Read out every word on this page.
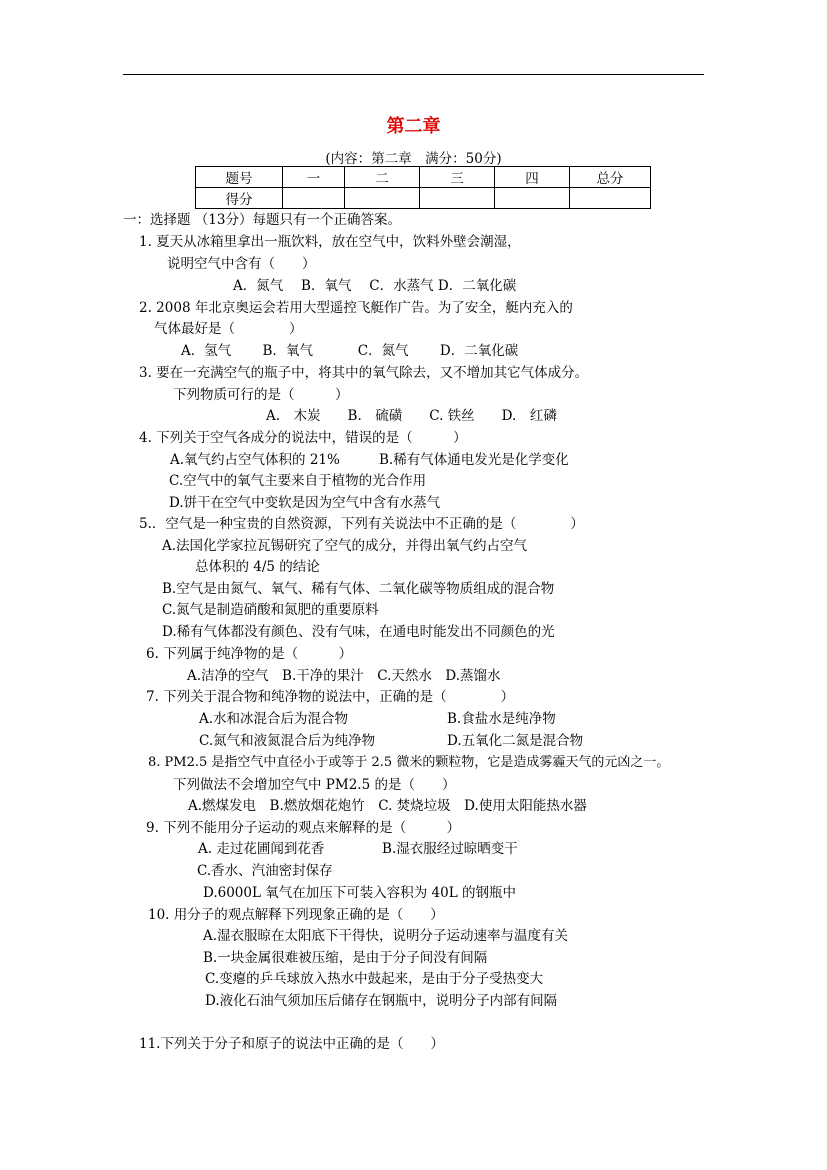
第二章
(内容：第二章　满分：50分)
题号	一	二	三	四	总分
得分					
一：选择题 （13分）每题只有一个正确答案。
1. 夏天从冰箱里拿出一瓶饮料，放在空气中，饮料外壁会潮湿，
说明空气中含有（　　）
A．氮气　 B．氧气　 C．水蒸气 D．二氧化碳
2. 2008 年北京奥运会若用大型遥控飞艇作广告。为了安全，艇内充入的
气体最好是（　　　　）
A．氢气　　 B．氧气　　　 C．氮气　　 D．二氧化碳
3. 要在一充满空气的瓶子中，将其中的氧气除去，又不增加其它气体成分。
下列物质可行的是（　　　）
A.　木炭　　B.　硫磺　　C. 铁丝　　D.　红磷
4. 下列关于空气各成分的说法中，错误的是（　　　）
A.氧气约占空气体积的 21%	B.稀有气体通电发光是化学变化
C.空气中的氧气主要来自于植物的光合作用
D.饼干在空气中变软是因为空气中含有水蒸气
5.．空气是一种宝贵的自然资源，下列有关说法中不正确的是（　　　　）
A.法国化学家拉瓦锡研究了空气的成分，并得出氧气约占空气
总体积的 4/5 的结论
B.空气是由氮气、氧气、稀有气体、二氧化碳等物质组成的混合物
C.氮气是制造硝酸和氮肥的重要原料
D.稀有气体都没有颜色、没有气味，在通电时能发出不同颜色的光
6. 下列属于纯净物的是（　　　）
A.洁净的空气　B.干净的果汁　C.天然水　D.蒸馏水
7. 下列关于混合物和纯净物的说法中，正确的是（　　　　）
A.水和冰混合后为混合物	B.食盐水是纯净物
C.氮气和液氮混合后为纯净物	D.五氧化二氮是混合物
8. PM2.5 是指空气中直径小于或等于 2.5 微米的颗粒物，它是造成雾霾天气的元凶之一。
下列做法不会增加空气中 PM2.5 的是（　　）
A.燃煤发电　B.燃放烟花炮竹　C. 焚烧垃圾　D.使用太阳能热水器
9. 下列不能用分子运动的观点来解释的是（　　　）
A. 走过花圃闻到花香	B.湿衣服经过晾晒变干
C.香水、汽油密封保存
D.6000L 氧气在加压下可装入容积为 40L 的钢瓶中
10. 用分子的观点解释下列现象正确的是（　　）
A.湿衣服晾在太阳底下干得快，说明分子运动速率与温度有关
B.一块金属很难被压缩，是由于分子间没有间隔
C.变瘪的乒乓球放入热水中鼓起来，是由于分子受热变大
D.液化石油气须加压后储存在钢瓶中，说明分子内部有间隔
11.下列关于分子和原子的说法中正确的是（　　）
